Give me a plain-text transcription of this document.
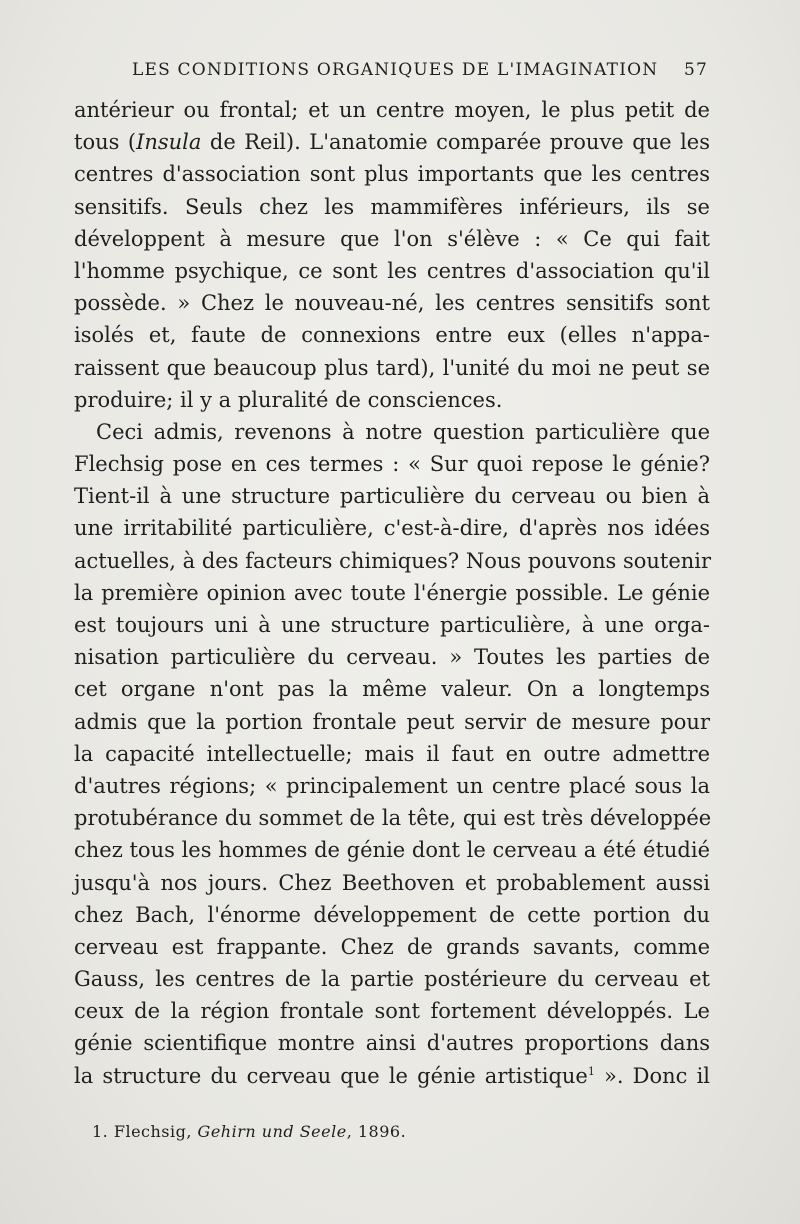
LES CONDITIONS ORGANIQUES DE L'IMAGINATION 57
antérieur ou frontal; et un centre moyen, le plus petit de
tous (Insula de Reil). L'anatomie comparée prouve que les
centres d'association sont plus importants que les centres
sensitifs. Seuls chez les mammifères inférieurs, ils se
développent à mesure que l'on s'élève : « Ce qui fait
l'homme psychique, ce sont les centres d'association qu'il
possède. » Chez le nouveau-né, les centres sensitifs sont
isolés et, faute de connexions entre eux (elles n'appa-
raissent que beaucoup plus tard), l'unité du moi ne peut se
produire; il y a pluralité de consciences.
Ceci admis, revenons à notre question particulière que
Flechsig pose en ces termes : « Sur quoi repose le génie?
Tient-il à une structure particulière du cerveau ou bien à
une irritabilité particulière, c'est-à-dire, d'après nos idées
actuelles, à des facteurs chimiques? Nous pouvons soutenir
la première opinion avec toute l'énergie possible. Le génie
est toujours uni à une structure particulière, à une orga-
nisation particulière du cerveau. » Toutes les parties de
cet organe n'ont pas la même valeur. On a longtemps
admis que la portion frontale peut servir de mesure pour
la capacité intellectuelle; mais il faut en outre admettre
d'autres régions; « principalement un centre placé sous la
protubérance du sommet de la tête, qui est très développée
chez tous les hommes de génie dont le cerveau a été étudié
jusqu'à nos jours. Chez Beethoven et probablement aussi
chez Bach, l'énorme développement de cette portion du
cerveau est frappante. Chez de grands savants, comme
Gauss, les centres de la partie postérieure du cerveau et
ceux de la région frontale sont fortement développés. Le
génie scientifique montre ainsi d'autres proportions dans
la structure du cerveau que le génie artistique$^1$ ». Donc il
1. Flechsig, Gehirn und Seele, 1896.
